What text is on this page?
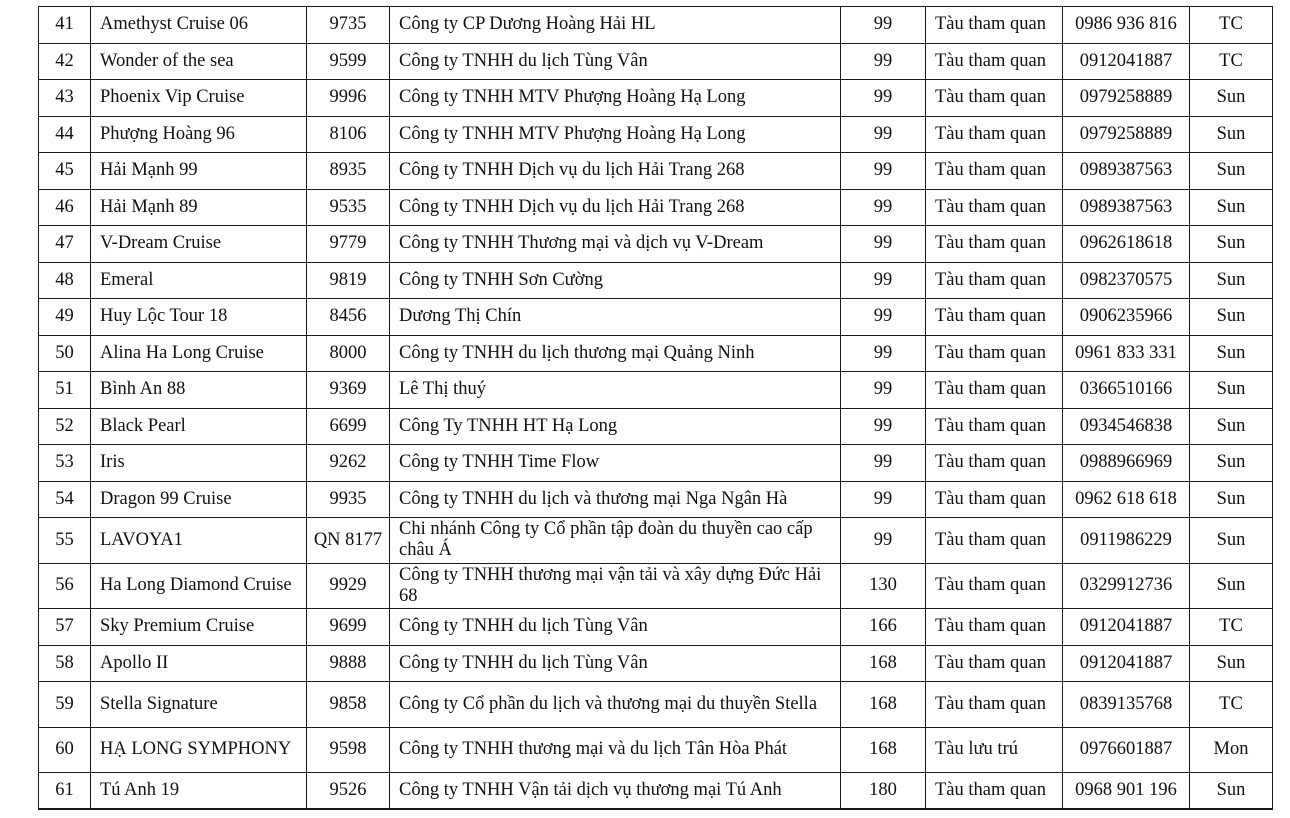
41	Amethyst Cruise 06	9735	Công ty CP Dương Hoàng Hải HL	99	Tàu tham quan	0986 936 816	TC
42	Wonder of the sea	9599	Công ty TNHH du lịch Tùng Vân	99	Tàu tham quan	0912041887	TC
43	Phoenix Vip Cruise	9996	Công ty TNHH MTV Phượng Hoàng Hạ Long	99	Tàu tham quan	0979258889	Sun
44	Phượng Hoàng 96	8106	Công ty TNHH MTV Phượng Hoàng Hạ Long	99	Tàu tham quan	0979258889	Sun
45	Hải Mạnh 99	8935	Công ty TNHH Dịch vụ du lịch Hải Trang 268	99	Tàu tham quan	0989387563	Sun
46	Hải Mạnh 89	9535	Công ty TNHH Dịch vụ du lịch Hải Trang 268	99	Tàu tham quan	0989387563	Sun
47	V-Dream Cruise	9779	Công ty TNHH Thương mại và dịch vụ V-Dream	99	Tàu tham quan	0962618618	Sun
48	Emeral	9819	Công ty TNHH Sơn Cường	99	Tàu tham quan	0982370575	Sun
49	Huy Lộc Tour 18	8456	Dương Thị Chín	99	Tàu tham quan	0906235966	Sun
50	Alina Ha Long Cruise	8000	Công ty TNHH du lịch thương mại Quảng Ninh	99	Tàu tham quan	0961 833 331	Sun
51	Bình An 88	9369	Lê Thị thuý	99	Tàu tham quan	0366510166	Sun
52	Black Pearl	6699	Công Ty TNHH HT Hạ Long	99	Tàu tham quan	0934546838	Sun
53	Iris	9262	Công ty TNHH Time Flow	99	Tàu tham quan	0988966969	Sun
54	Dragon 99 Cruise	9935	Công ty TNHH du lịch và thương mại Nga Ngân Hà	99	Tàu tham quan	0962 618 618	Sun
55	LAVOYA1	QN 8177	Chi nhánh Công ty Cổ phần tập đoàn du thuyền cao cấp châu Á	99	Tàu tham quan	0911986229	Sun
56	Ha Long Diamond Cruise	9929	Công ty TNHH thương mại vận tải và xây dựng Đức Hải 68	130	Tàu tham quan	0329912736	Sun
57	Sky Premium Cruise	9699	Công ty TNHH du lịch Tùng Vân	166	Tàu tham quan	0912041887	TC
58	Apollo II	9888	Công ty TNHH du lịch Tùng Vân	168	Tàu tham quan	0912041887	Sun
59	Stella Signature	9858	Công ty Cổ phần du lịch và thương mại du thuyền Stella	168	Tàu tham quan	0839135768	TC
60	HẠ LONG SYMPHONY	9598	Công ty TNHH thương mại và du lịch Tân Hòa Phát	168	Tàu lưu trú	0976601887	Mon
61	Tú Anh 19	9526	Công ty TNHH Vận tải dịch vụ thương mại Tú Anh	180	Tàu tham quan	0968 901 196	Sun
